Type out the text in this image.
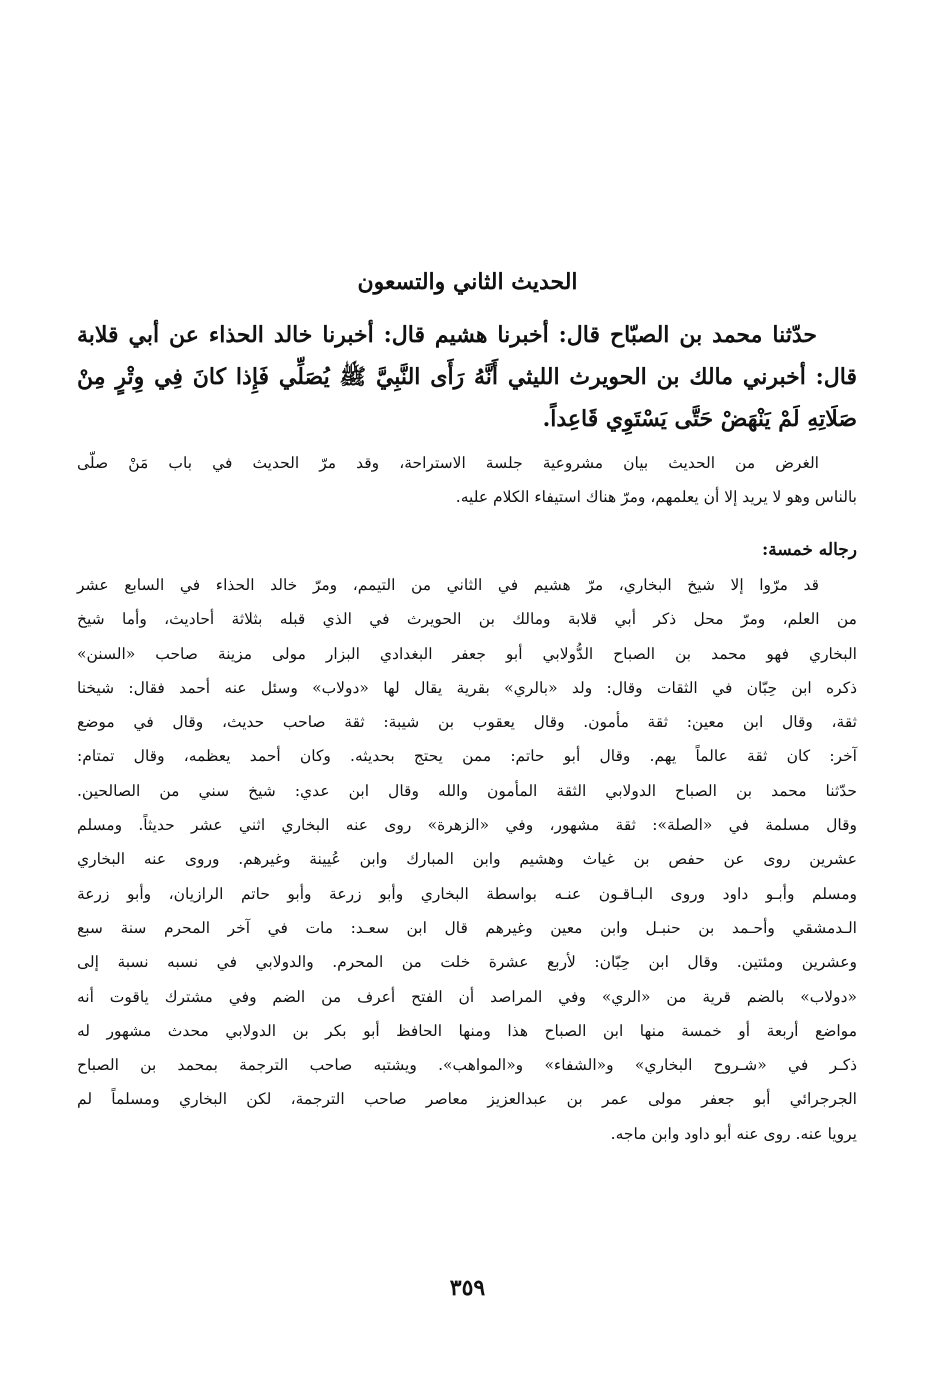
الحديث الثاني والتسعون
حدّثنا محمد بن الصبّاح قال: أخبرنا هشيم قال: أخبرنا خالد الحذاء عن أبي قلابة
قال: أخبرني مالك بن الحويرث الليثي أَنَّهُ رَأَى النَّبِيَّ ﷺ يُصَلِّي فَإِذا كانَ فِي وِتْرٍ مِنْ
صَلَاتِهِ لَمْ يَنْهَضْ حَتَّى يَسْتَوِي قَاعِداً.
الغرض من الحديث بيان مشروعية جلسة الاستراحة، وقد مرّ الحديث في باب مَنْ صلّى
بالناس وهو لا يريد إلا أن يعلمهم، ومرّ هناك استيفاء الكلام عليه.
رجاله خمسة:
قد مرّوا إلا شيخ البخاري، مرّ هشيم في الثاني من التيمم، ومرّ خالد الحذاء في السابع عشر
من العلم، ومرّ محل ذكر أبي قلابة ومالك بن الحويرث في الذي قبله بثلاثة أحاديث، وأما شيخ
البخاري فهو محمد بن الصباح الدُّولابي أبو جعفر البغدادي البزار مولى مزينة صاحب «السنن»
ذكره ابن حِبّان في الثقات وقال: ولد «بالري» بقرية يقال لها «دولاب» وسئل عنه أحمد فقال: شيخنا
ثقة، وقال ابن معين: ثقة مأمون. وقال يعقوب بن شيبة: ثقة صاحب حديث، وقال في موضع
آخر: كان ثقة عالماً يهم. وقال أبو حاتم: ممن يحتج بحديثه. وكان أحمد يعظمه، وقال تمتام:
حدّثنا محمد بن الصباح الدولابي الثقة المأمون والله وقال ابن عدي: شيخ سني من الصالحين.
وقال مسلمة في «الصلة»: ثقة مشهور، وفي «الزهرة» روى عنه البخاري اثني عشر حديثاً. ومسلم
عشرين روى عن حفص بن غياث وهشيم وابن المبارك وابن عُيينة وغيرهم. وروى عنه البخاري
ومسلم وأبـو داود وروى البـاقـون عنـه بواسطة البخاري وأبو زرعة وأبو حاتم الرازيان، وأبو زرعة
الـدمشقي وأحـمد بن حنبـل وابن معين وغيرهم قال ابن سعـد: مات في آخر المحرم سنة سبع
وعشرين ومئتين. وقال ابن حِبّان: لأربع عشرة خلت من المحرم. والدولابي في نسبه نسبة إلى
«دولاب» بالضم قرية من «الري» وفي المراصد أن الفتح أعرف من الضم وفي مشترك ياقوت أنه
مواضع أربعة أو خمسة منها ابن الصباح هذا ومنها الحافظ أبو بكر بن الدولابي محدث مشهور له
ذكـر في «شـروح البخاري» و«الشفاء» و«المواهب». ويشتبه صاحب الترجمة بمحمد بن الصباح
الجرجرائي أبو جعفر مولى عمر بن عبدالعزيز معاصر صاحب الترجمة، لكن البخاري ومسلماً لم
يرويا عنه. روى عنه أبو داود وابن ماجه.
٣٥٩
